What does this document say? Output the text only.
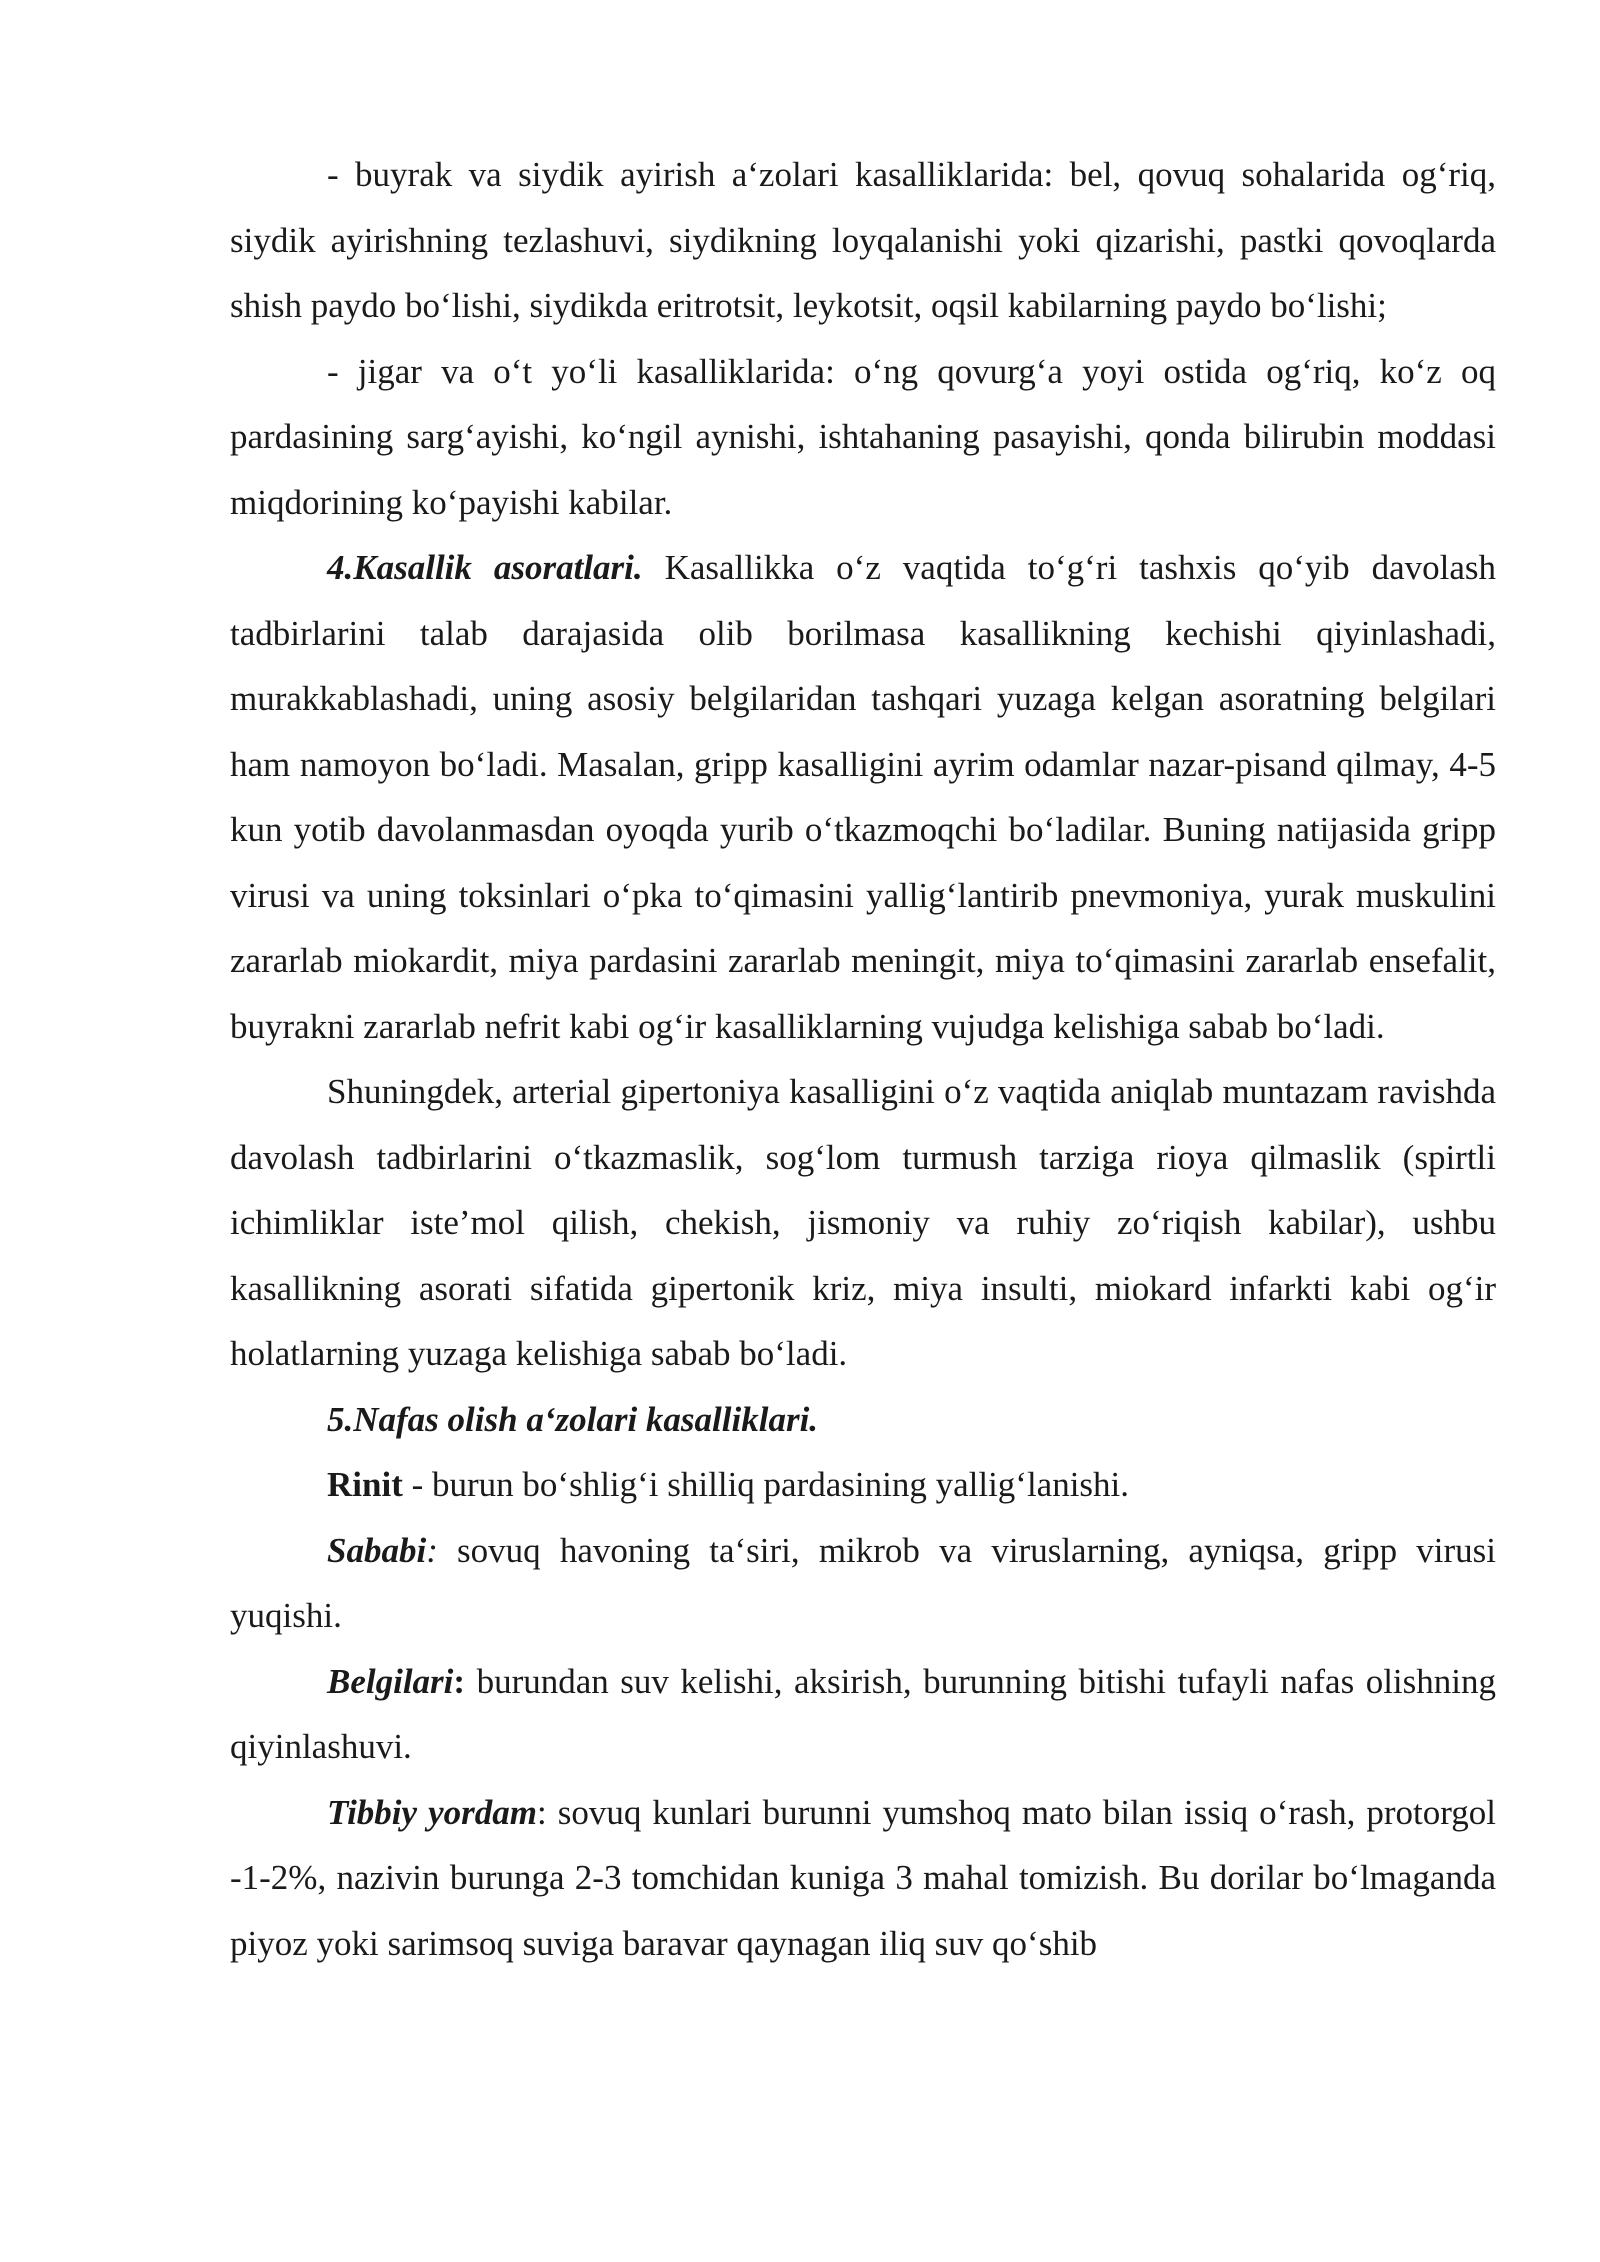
- buyrak va siydik ayirish a‘zolari kasalliklarida: bel, qovuq sohalarida og‘riq, siydik ayirishning tezlashuvi, siydikning loyqalanishi yoki qizarishi, pastki qovoqlarda shish paydo bo‘lishi, siydikda eritrotsit, leykotsit, oqsil kabilarning paydo bo‘lishi;

- jigar va o‘t yo‘li kasalliklarida: o‘ng qovurg‘a yoyi ostida og‘riq, ko‘z oq pardasining sarg‘ayishi, ko‘ngil aynishi, ishtahaning pasayishi, qonda bilirubin moddasi miqdorining ko‘payishi kabilar.

4.Kasallik asoratlari. Kasallikka o‘z vaqtida to‘g‘ri tashxis qo‘yib davolash tadbirlarini talab darajasida olib borilmasa kasallikning kechishi qiyinlashadi, murakkablashadi, uning asosiy belgilaridan tashqari yuzaga kelgan asoratning belgilari ham namoyon bo‘ladi. Masalan, gripp kasalligini ayrim odamlar nazar-pisand qilmay, 4-5 kun yotib davolanmasdan oyoqda yurib o‘tkazmoqchi bo‘ladilar. Buning natijasida gripp virusi va uning toksinlari o‘pka to‘qimasini yallig‘lantirib pnevmoniya, yurak muskulini zararlab miokardit, miya pardasini zararlab meningit, miya to‘qimasini zararlab ensefalit, buyrakni zararlab nefrit kabi og‘ir kasalliklarning vujudga kelishiga sabab bo‘ladi.

Shuningdek, arterial gipertoniya kasalligini o‘z vaqtida aniqlab muntazam ravishda davolash tadbirlarini o‘tkazmaslik, sog‘lom turmush tarziga rioya qilmaslik (spirtli ichimliklar iste’mol qilish, chekish, jismoniy va ruhiy zo‘riqish kabilar), ushbu kasallikning asorati sifatida gipertonik kriz, miya insulti, miokard infarkti kabi og‘ir holatlarning yuzaga kelishiga sabab bo‘ladi.

5.Nafas olish a‘zolari kasalliklari.

Rinit - burun bo‘shlig‘i shilliq pardasining yallig‘lanishi.

Sababi: sovuq havoning ta‘siri, mikrob va viruslarning, ayniqsa, gripp virusi yuqishi.

Belgilari: burundan suv kelishi, aksirish, burunning bitishi tufayli nafas olishning qiyinlashuvi.

Tibbiy yordam: sovuq kunlari burunni yumshoq mato bilan issiq o‘rash, protorgol -1-2%, nazivin burunga 2-3 tomchidan kuniga 3 mahal tomizish. Bu dorilar bo‘lmaganda piyoz yoki sarimsoq suviga baravar qaynagan iliq suv qo‘shib
